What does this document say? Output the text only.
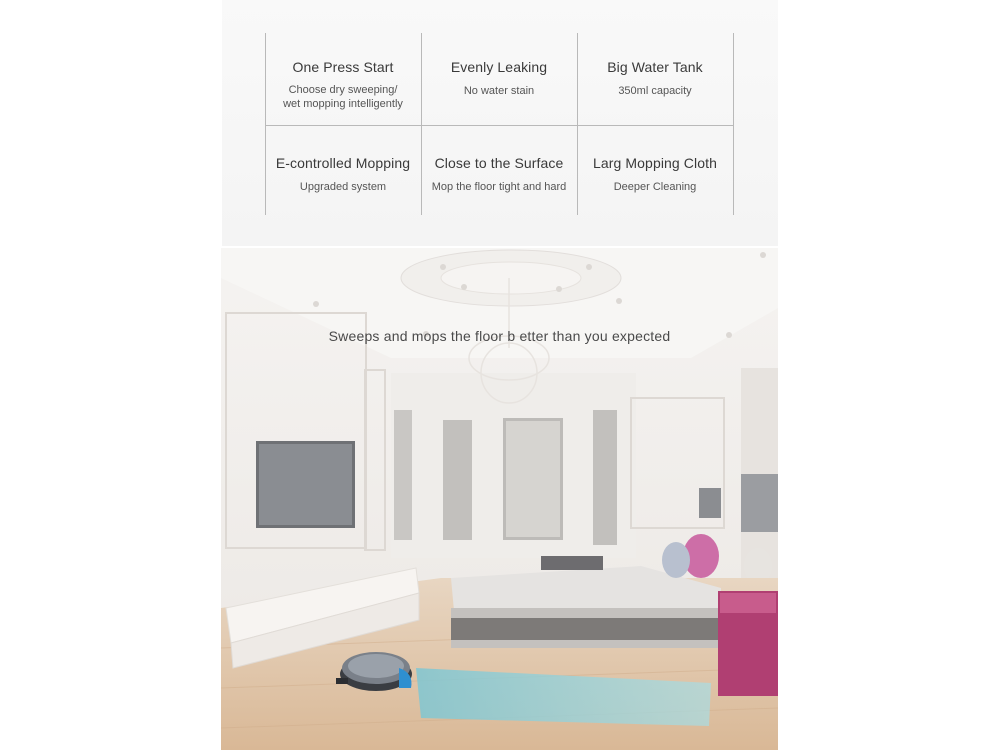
One Press Start
Choose dry sweeping/
wet mopping intelligently
Evenly Leaking
No water stain
Big Water Tank
350ml capacity
E-controlled Mopping
Upgraded system
Close to the Surface
Mop the floor tight and hard
Larg Mopping Cloth
Deeper Cleaning
Sweeps and mops the floor b etter than you expected
